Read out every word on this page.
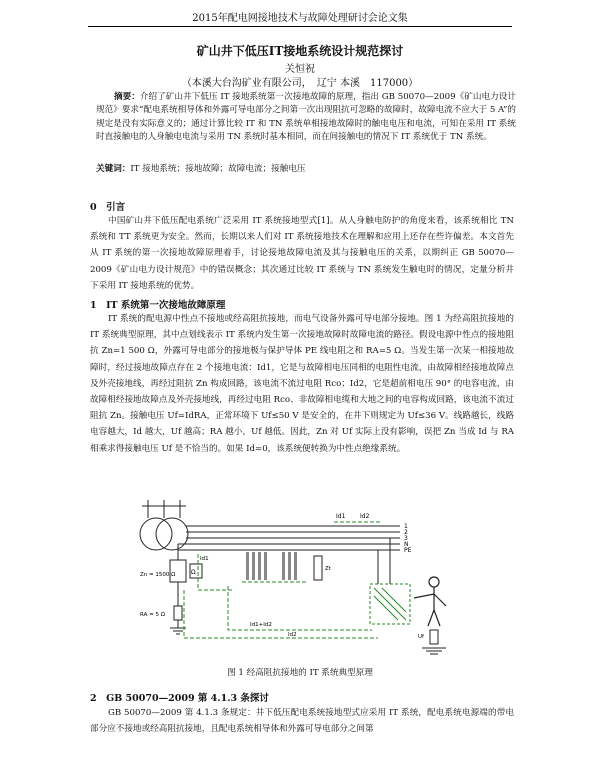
2015年配电网接地技术与故障处理研讨会论文集
矿山井下低压IT接地系统设计规范探讨
关恒祝
（本溪大台沟矿业有限公司，　辽宁 本溪　117000）
摘要：介绍了矿山井下低压 IT 接地系统第一次接地故障的原理，指出 GB 50070—2009《矿山电力设计规范》要求“配电系统相导体和外露可导电部分之间第一次出现阻抗可忽略的故障时，故障电流不应大于 5 A”的规定是没有实际意义的；通过计算比较 IT 和 TN 系统单相接地故障时的触电电压和电流，可知在采用 IT 系统时直接触电的人身触电电流与采用 TN 系统时基本相同，而在间接触电的情况下 IT 系统优于 TN 系统。
关键词：IT 接地系统；接地故障；故障电流；接触电压
0　引言
中国矿山井下低压配电系统广泛采用 IT 系统接地型式[1]。从人身触电防护的角度来看，该系统相比 TN 系统和 TT 系统更为安全。然而，长期以来人们对 IT 系统接地技术在理解和应用上还存在些许偏差。本文首先从 IT 系统的第一次接地故障原理着手，讨论接地故障电流及其与接触电压的关系，以期纠正 GB 50070—2009《矿山电力设计规范》中的错误概念；其次通过比较 IT 系统与 TN 系统发生触电时的情况，定量分析井下采用 IT 接地系统的优势。
1　IT 系统第一次接地故障原理
IT 系统的配电源中性点不接地或经高阻抗接地，而电气设备外露可导电部分接地。图 1 为经高阻抗接地的 IT 系统典型原理，其中点划线表示 IT 系统内发生第一次接地故障时故障电流的路径。假设电源中性点的接地阻抗 Zn=1 500 Ω，外露可导电部分的接地极与保护导体 PE 线电阻之和 RA=5 Ω。当发生第一次某一相接地故障时，经过接地故障点存在 2 个接地电流：Id1，它是与故障相电压同相的电阻性电流，由故障相经接地故障点及外壳接地线，再经过阻抗 Zn 构成回路，该电流不流过电阻 Rco；Id2，它是超前相电压 90° 的电容电流，由故障相经接地故障点及外壳接地线，再经过电阻 Rco、非故障相电缆和大地之间的电容构成回路，该电流不流过阻抗 Zn。接触电压 Uf=IdRA，正常环境下 Uf≤50 V 是安全的，在井下则规定为 Uf≤36 V。线路越长，线路电容越大，Id 越大，Uf 越高；RA 越小，Uf 越低。因此，Zn 对 Uf 实际上没有影响，误把 Zn 当成 Id 与 RA 相乘求得接触电压 Uf 是不恰当的。如果 Id=0，该系统便转换为中性点绝缘系统。
1
2
3
N
PE
Id1 Id2
Ω
Zn = 1500 Ω
RA = 5 Ω
Zt
Id1+Id2
Id2
Id1
Uf
图 1 经高阻抗接地的 IT 系统典型原理
2　GB 50070—2009 第 4.1.3 条探讨
GB 50070—2009 第 4.1.3 条规定：井下低压配电系统接地型式应采用 IT 系统，配电系统电源端的带电部分应不接地或经高阻抗接地，且配电系统相导体和外露可导电部分之间第
